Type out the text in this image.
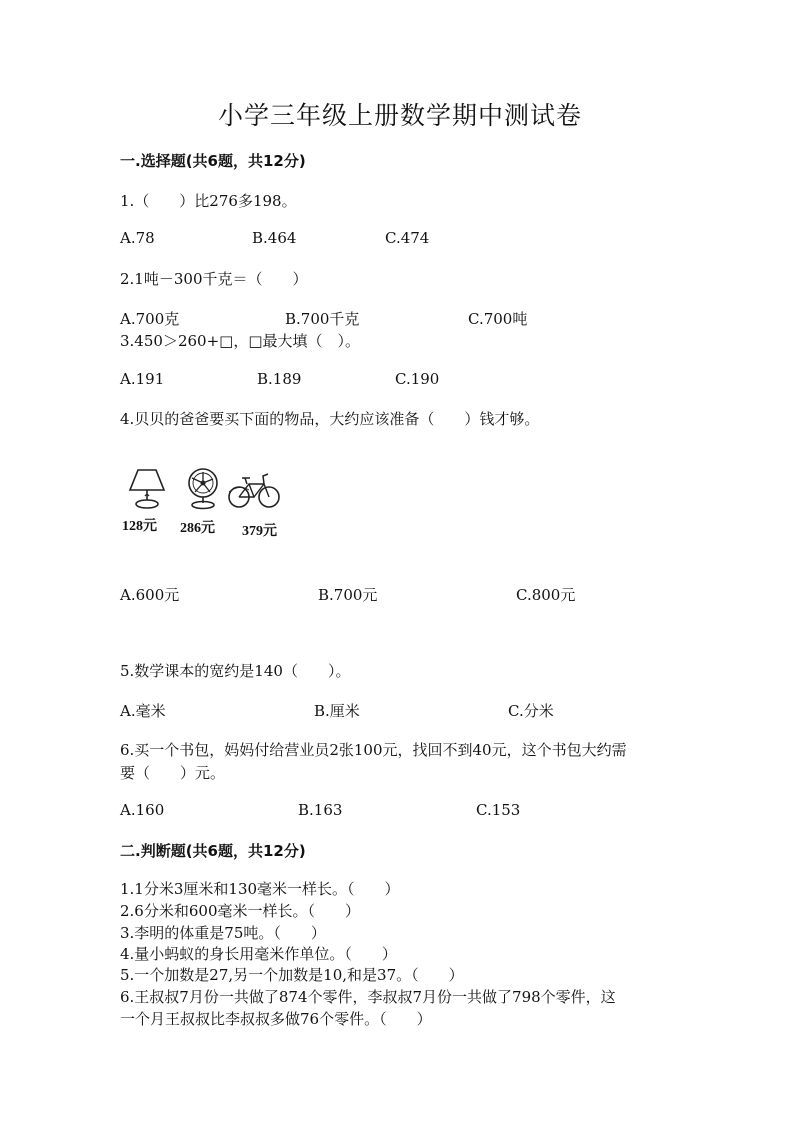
小学三年级上册数学期中测试卷
一.选择题(共6题，共12分)
1.（　　）比276多198。
A.78	B.464	C.474
2.1吨－300千克＝（　　）
A.700克	B.700千克	C.700吨
3.450＞260+□，□最大填（　）。
A.191	B.189	C.190
4.贝贝的爸爸要买下面的物品，大约应该准备（　　）钱才够。
128元 286元 379元
A.600元	B.700元	C.800元
5.数学课本的宽约是140（　　）。
A.毫米	B.厘米	C.分米
6.买一个书包，妈妈付给营业员2张100元，找回不到40元，这个书包大约需
要（　　）元。
A.160	B.163	C.153
二.判断题(共6题，共12分)
1.1分米3厘米和130毫米一样长。（　　）
2.6分米和600毫米一样长。（　　）
3.李明的体重是75吨。（　　）
4.量小蚂蚁的身长用毫米作单位。（　　）
5.一个加数是27,另一个加数是10,和是37。（　　）
6.王叔叔7月份一共做了874个零件，李叔叔7月份一共做了798个零件，这
一个月王叔叔比李叔叔多做76个零件。（　　）
